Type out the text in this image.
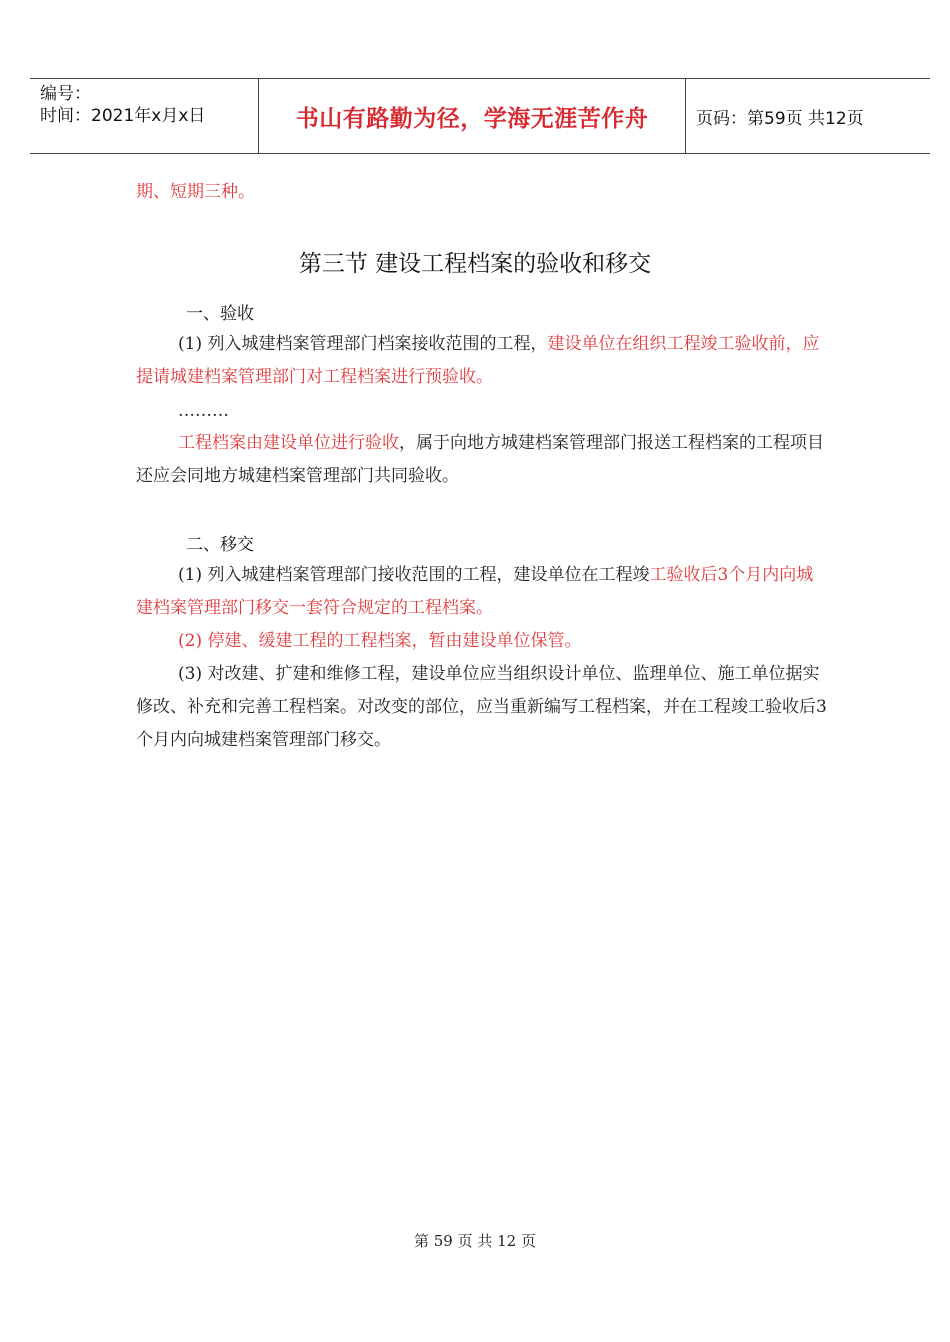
编号：
时间：2021年x月x日	书山有路勤为径，学海无涯苦作舟	页码：第59页 共12页

期、短期三种。

第三节 建设工程档案的验收和移交
一、验收

(1) 列入城建档案管理部门档案接收范围的工程，建设单位在组织工程竣工验收前，应提请城建档案管理部门对工程档案进行预验收。

………

工程档案由建设单位进行验收，属于向地方城建档案管理部门报送工程档案的工程项目还应会同地方城建档案管理部门共同验收。

二、移交

(1) 列入城建档案管理部门接收范围的工程，建设单位在工程竣工验收后3个月内向城建档案管理部门移交一套符合规定的工程档案。

(2) 停建、缓建工程的工程档案，暂由建设单位保管。

(3) 对改建、扩建和维修工程，建设单位应当组织设计单位、监理单位、施工单位据实修改、补充和完善工程档案。对改变的部位，应当重新编写工程档案，并在工程竣工验收后3个月内向城建档案管理部门移交。

第 59 页 共 12 页
